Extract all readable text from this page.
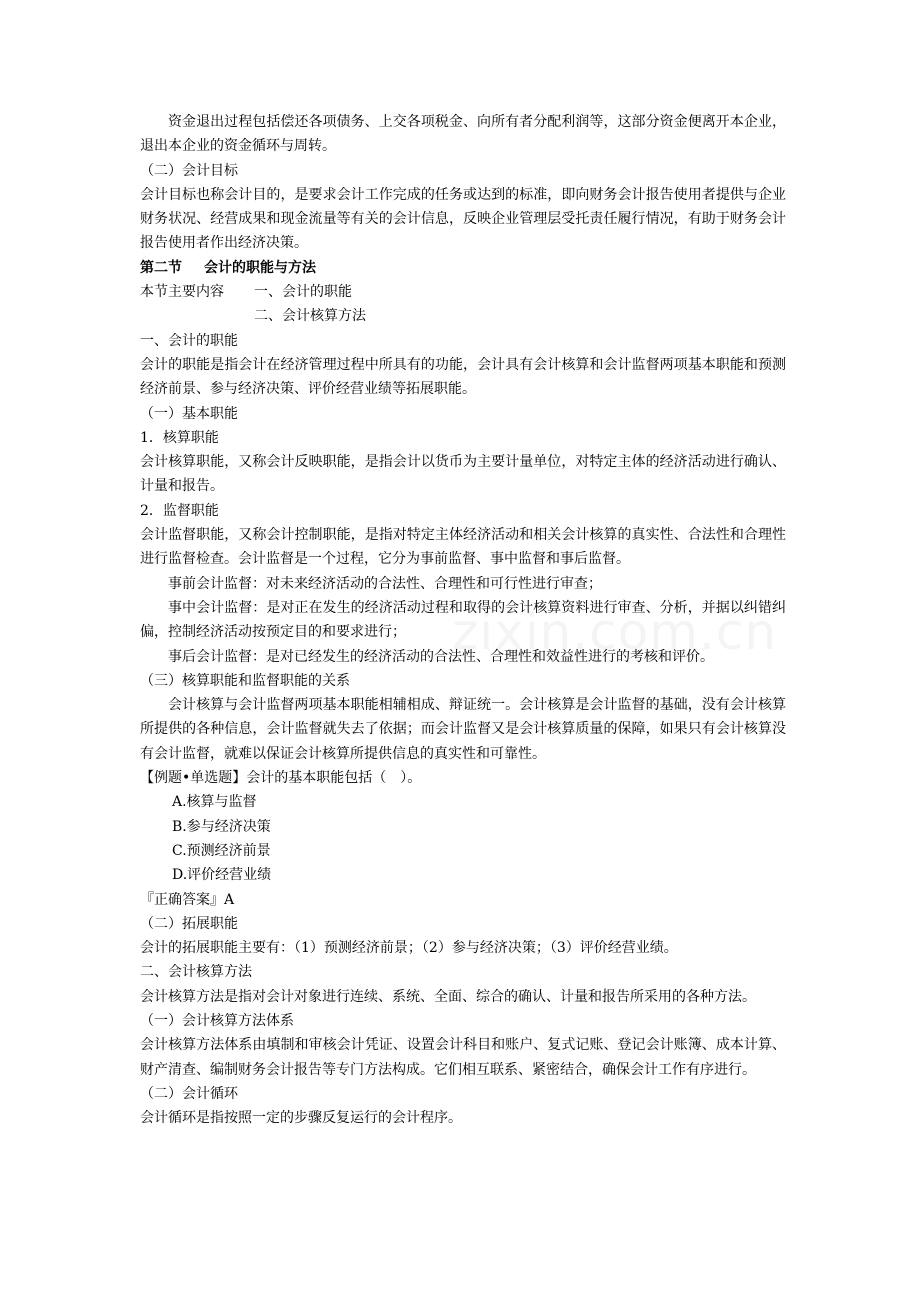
资金退出过程包括偿还各项债务、上交各项税金、向所有者分配利润等，这部分资金便离开本企业，退出本企业的资金循环与周转。

（二）会计目标

会计目标也称会计目的，是要求会计工作完成的任务或达到的标准，即向财务会计报告使用者提供与企业财务状况、经营成果和现金流量等有关的会计信息，反映企业管理层受托责任履行情况，有助于财务会计报告使用者作出经济决策。

第二节 会计的职能与方法

本节主要内容	一、会计的职能
二、会计核算方法

一、会计的职能

会计的职能是指会计在经济管理过程中所具有的功能，会计具有会计核算和会计监督两项基本职能和预测经济前景、参与经济决策、评价经营业绩等拓展职能。

（一）基本职能

1．核算职能

会计核算职能，又称会计反映职能，是指会计以货币为主要计量单位，对特定主体的经济活动进行确认、计量和报告。

2．监督职能

会计监督职能，又称会计控制职能，是指对特定主体经济活动和相关会计核算的真实性、合法性和合理性进行监督检查。会计监督是一个过程，它分为事前监督、事中监督和事后监督。

事前会计监督：对未来经济活动的合法性、合理性和可行性进行审查；

事中会计监督：是对正在发生的经济活动过程和取得的会计核算资料进行审查、分析，并据以纠错纠偏，控制经济活动按预定目的和要求进行；

事后会计监督：是对已经发生的经济活动的合法性、合理性和效益性进行的考核和评价。

（三）核算职能和监督职能的关系

会计核算与会计监督两项基本职能相辅相成、辩证统一。会计核算是会计监督的基础，没有会计核算所提供的各种信息，会计监督就失去了依据；而会计监督又是会计核算质量的保障，如果只有会计核算没有会计监督，就难以保证会计核算所提供信息的真实性和可靠性。

【例题•单选题】会计的基本职能包括（　）。

A.核算与监督

B.参与经济决策

C.预测经济前景

D.评价经营业绩

『正确答案』A

（二）拓展职能

会计的拓展职能主要有：（1）预测经济前景；（2）参与经济决策；（3）评价经营业绩。

二、会计核算方法

会计核算方法是指对会计对象进行连续、系统、全面、综合的确认、计量和报告所采用的各种方法。

（一）会计核算方法体系

会计核算方法体系由填制和审核会计凭证、设置会计科目和账户、复式记账、登记会计账簿、成本计算、财产清查、编制财务会计报告等专门方法构成。它们相互联系、紧密结合，确保会计工作有序进行。

（二）会计循环

会计循环是指按照一定的步骤反复运行的会计程序。
